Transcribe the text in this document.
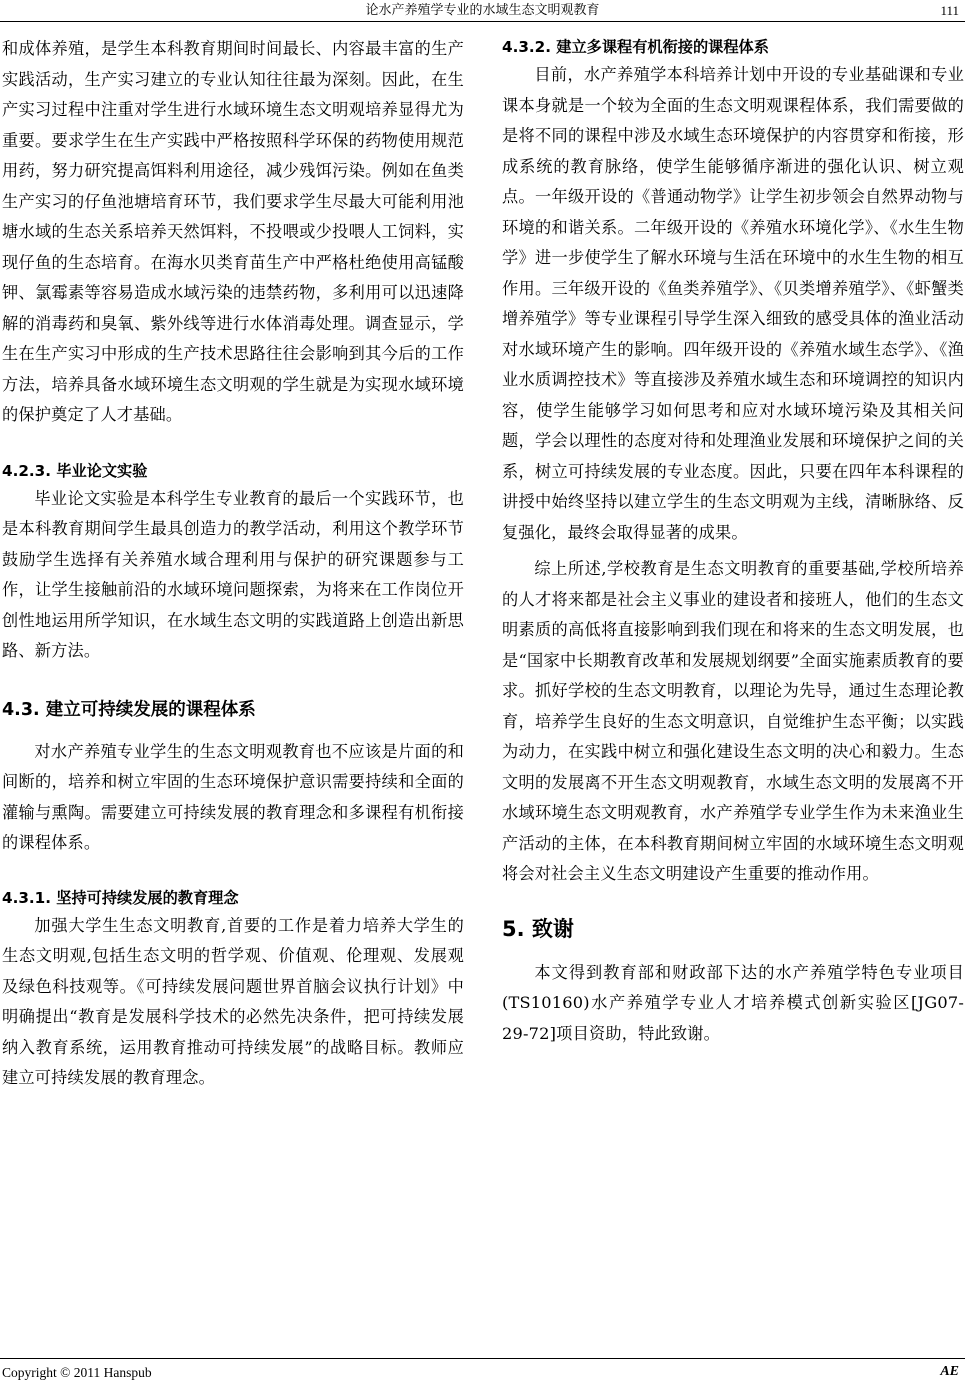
论水产养殖学专业的水域生态文明观教育	111

和成体养殖，是学生本科教育期间时间最长、内容最丰富的生产实践活动，生产实习建立的专业认知往往最为深刻。因此，在生产实习过程中注重对学生进行水域环境生态文明观培养显得尤为重要。要求学生在生产实践中严格按照科学环保的药物使用规范用药，努力研究提高饵料利用途径，减少残饵污染。例如在鱼类生产实习的仔鱼池塘培育环节，我们要求学生尽最大可能利用池塘水域的生态关系培养天然饵料，不投喂或少投喂人工饲料，实现仔鱼的生态培育。在海水贝类育苗生产中严格杜绝使用高锰酸钾、氯霉素等容易造成水域污染的违禁药物，多利用可以迅速降解的消毒药和臭氧、紫外线等进行水体消毒处理。调查显示，学生在生产实习中形成的生产技术思路往往会影响到其今后的工作方法，培养具备水域环境生态文明观的学生就是为实现水域环境的保护奠定了人才基础。

4.2.3. 毕业论文实验

毕业论文实验是本科学生专业教育的最后一个实践环节，也是本科教育期间学生最具创造力的教学活动，利用这个教学环节鼓励学生选择有关养殖水域合理利用与保护的研究课题参与工作，让学生接触前沿的水域环境问题探索，为将来在工作岗位开创性地运用所学知识，在水域生态文明的实践道路上创造出新思路、新方法。

4.3. 建立可持续发展的课程体系

对水产养殖专业学生的生态文明观教育也不应该是片面的和间断的，培养和树立牢固的生态环境保护意识需要持续和全面的灌输与熏陶。需要建立可持续发展的教育理念和多课程有机衔接的课程体系。

4.3.1. 坚持可持续发展的教育理念

加强大学生生态文明教育,首要的工作是着力培养大学生的生态文明观,包括生态文明的哲学观、价值观、伦理观、发展观及绿色科技观等。《可持续发展问题世界首脑会议执行计划》中明确提出“教育是发展科学技术的必然先决条件，把可持续发展纳入教育系统，运用教育推动可持续发展”的战略目标。教师应建立可持续发展的教育理念。

4.3.2. 建立多课程有机衔接的课程体系

目前，水产养殖学本科培养计划中开设的专业基础课和专业课本身就是一个较为全面的生态文明观课程体系，我们需要做的是将不同的课程中涉及水域生态环境保护的内容贯穿和衔接，形成系统的教育脉络，使学生能够循序渐进的强化认识、树立观点。一年级开设的《普通动物学》让学生初步领会自然界动物与环境的和谐关系。二年级开设的《养殖水环境化学》、《水生生物学》进一步使学生了解水环境与生活在环境中的水生生物的相互作用。三年级开设的《鱼类养殖学》、《贝类增养殖学》、《虾蟹类增养殖学》等专业课程引导学生深入细致的感受具体的渔业活动对水域环境产生的影响。四年级开设的《养殖水域生态学》、《渔业水质调控技术》等直接涉及养殖水域生态和环境调控的知识内容，使学生能够学习如何思考和应对水域环境污染及其相关问题，学会以理性的态度对待和处理渔业发展和环境保护之间的关系，树立可持续发展的专业态度。因此，只要在四年本科课程的讲授中始终坚持以建立学生的生态文明观为主线，清晰脉络、反复强化，最终会取得显著的成果。

综上所述,学校教育是生态文明教育的重要基础,学校所培养的人才将来都是社会主义事业的建设者和接班人，他们的生态文明素质的高低将直接影响到我们现在和将来的生态文明发展，也是“国家中长期教育改革和发展规划纲要”全面实施素质教育的要求。抓好学校的生态文明教育，以理论为先导，通过生态理论教育，培养学生良好的生态文明意识，自觉维护生态平衡；以实践为动力，在实践中树立和强化建设生态文明的决心和毅力。生态文明的发展离不开生态文明观教育，水域生态文明的发展离不开水域环境生态文明观教育，水产养殖学专业学生作为未来渔业生产活动的主体，在本科教育期间树立牢固的水域环境生态文明观将会对社会主义生态文明建设产生重要的推动作用。

5. 致谢

本文得到教育部和财政部下达的水产养殖学特色专业项目(TS10160)水产养殖学专业人才培养模式创新实验区[JG07-29-72]项目资助，特此致谢。

Copyright © 2011 Hanspub	AE
